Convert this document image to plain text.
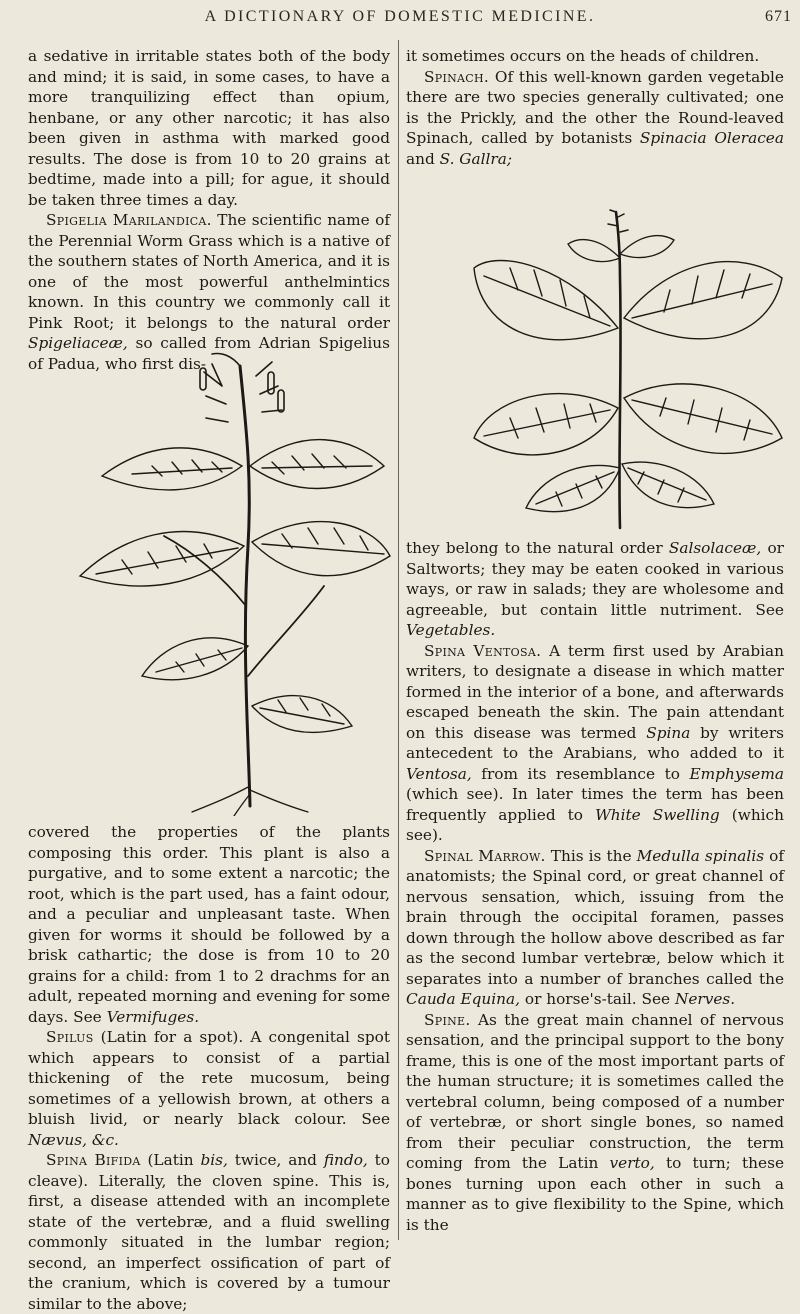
A DICTIONARY OF DOMESTIC MEDICINE.	671

a sedative in irritable states both of the body and mind; it is said, in some cases, to have a more tranquilizing effect than opium, henbane, or any other narcotic; it has also been given in asthma with marked good results. The dose is from 10 to 20 grains at bedtime, made into a pill; for ague, it should be taken three times a day.

Spigelia Marilandica. The scientific name of the Perennial Worm Grass which is a native of the southern states of North America, and it is one of the most powerful anthelmintics known. In this country we commonly call it Pink Root; it belongs to the natural order Spigeliaceæ, so called from Adrian Spigelius of Padua, who first dis-

covered the properties of the plants composing this order. This plant is also a purgative, and to some extent a narcotic; the root, which is the part used, has a faint odour, and a peculiar and unpleasant taste. When given for worms it should be followed by a brisk cathartic; the dose is from 10 to 20 grains for a child: from 1 to 2 drachms for an adult, repeated morning and evening for some days. See Vermifuges.

Spilus (Latin for a spot). A congenital spot which appears to consist of a partial thickening of the rete mucosum, being sometimes of a yellowish brown, at others a bluish livid, or nearly black colour. See Nævus, &c.

Spina Bifida (Latin bis, twice, and findo, to cleave). Literally, the cloven spine. This is, first, a disease attended with an incomplete state of the vertebræ, and a fluid swelling commonly situated in the lumbar region; second, an imperfect ossification of part of the cranium, which is covered by a tumour similar to the above;

it sometimes occurs on the heads of children.

Spinach. Of this well-known garden vegetable there are two species generally cultivated; one is the Prickly, and the other the Round-leaved Spinach, called by botanists Spinacia Oleracea and S. Gallra;

they belong to the natural order Salsolaceæ, or Saltworts; they may be eaten cooked in various ways, or raw in salads; they are wholesome and agreeable, but contain little nutriment. See Vegetables.

Spina Ventosa. A term first used by Arabian writers, to designate a disease in which matter formed in the interior of a bone, and afterwards escaped beneath the skin. The pain attendant on this disease was termed Spina by writers antecedent to the Arabians, who added to it Ventosa, from its resemblance to Emphysema (which see). In later times the term has been frequently applied to White Swelling (which see).

Spinal Marrow. This is the Medulla spinalis of anatomists; the Spinal cord, or great channel of nervous sensation, which, issuing from the brain through the occipital foramen, passes down through the hollow above described as far as the second lumbar vertebræ, below which it separates into a number of branches called the Cauda Equina, or horse's-tail. See Nerves.

Spine. As the great main channel of nervous sensation, and the principal support to the bony frame, this is one of the most important parts of the human structure; it is sometimes called the vertebral column, being composed of a number of vertebræ, or short single bones, so named from their peculiar construction, the term coming from the Latin verto, to turn; these bones turning upon each other in such a manner as to give flexibility to the Spine, which is the
